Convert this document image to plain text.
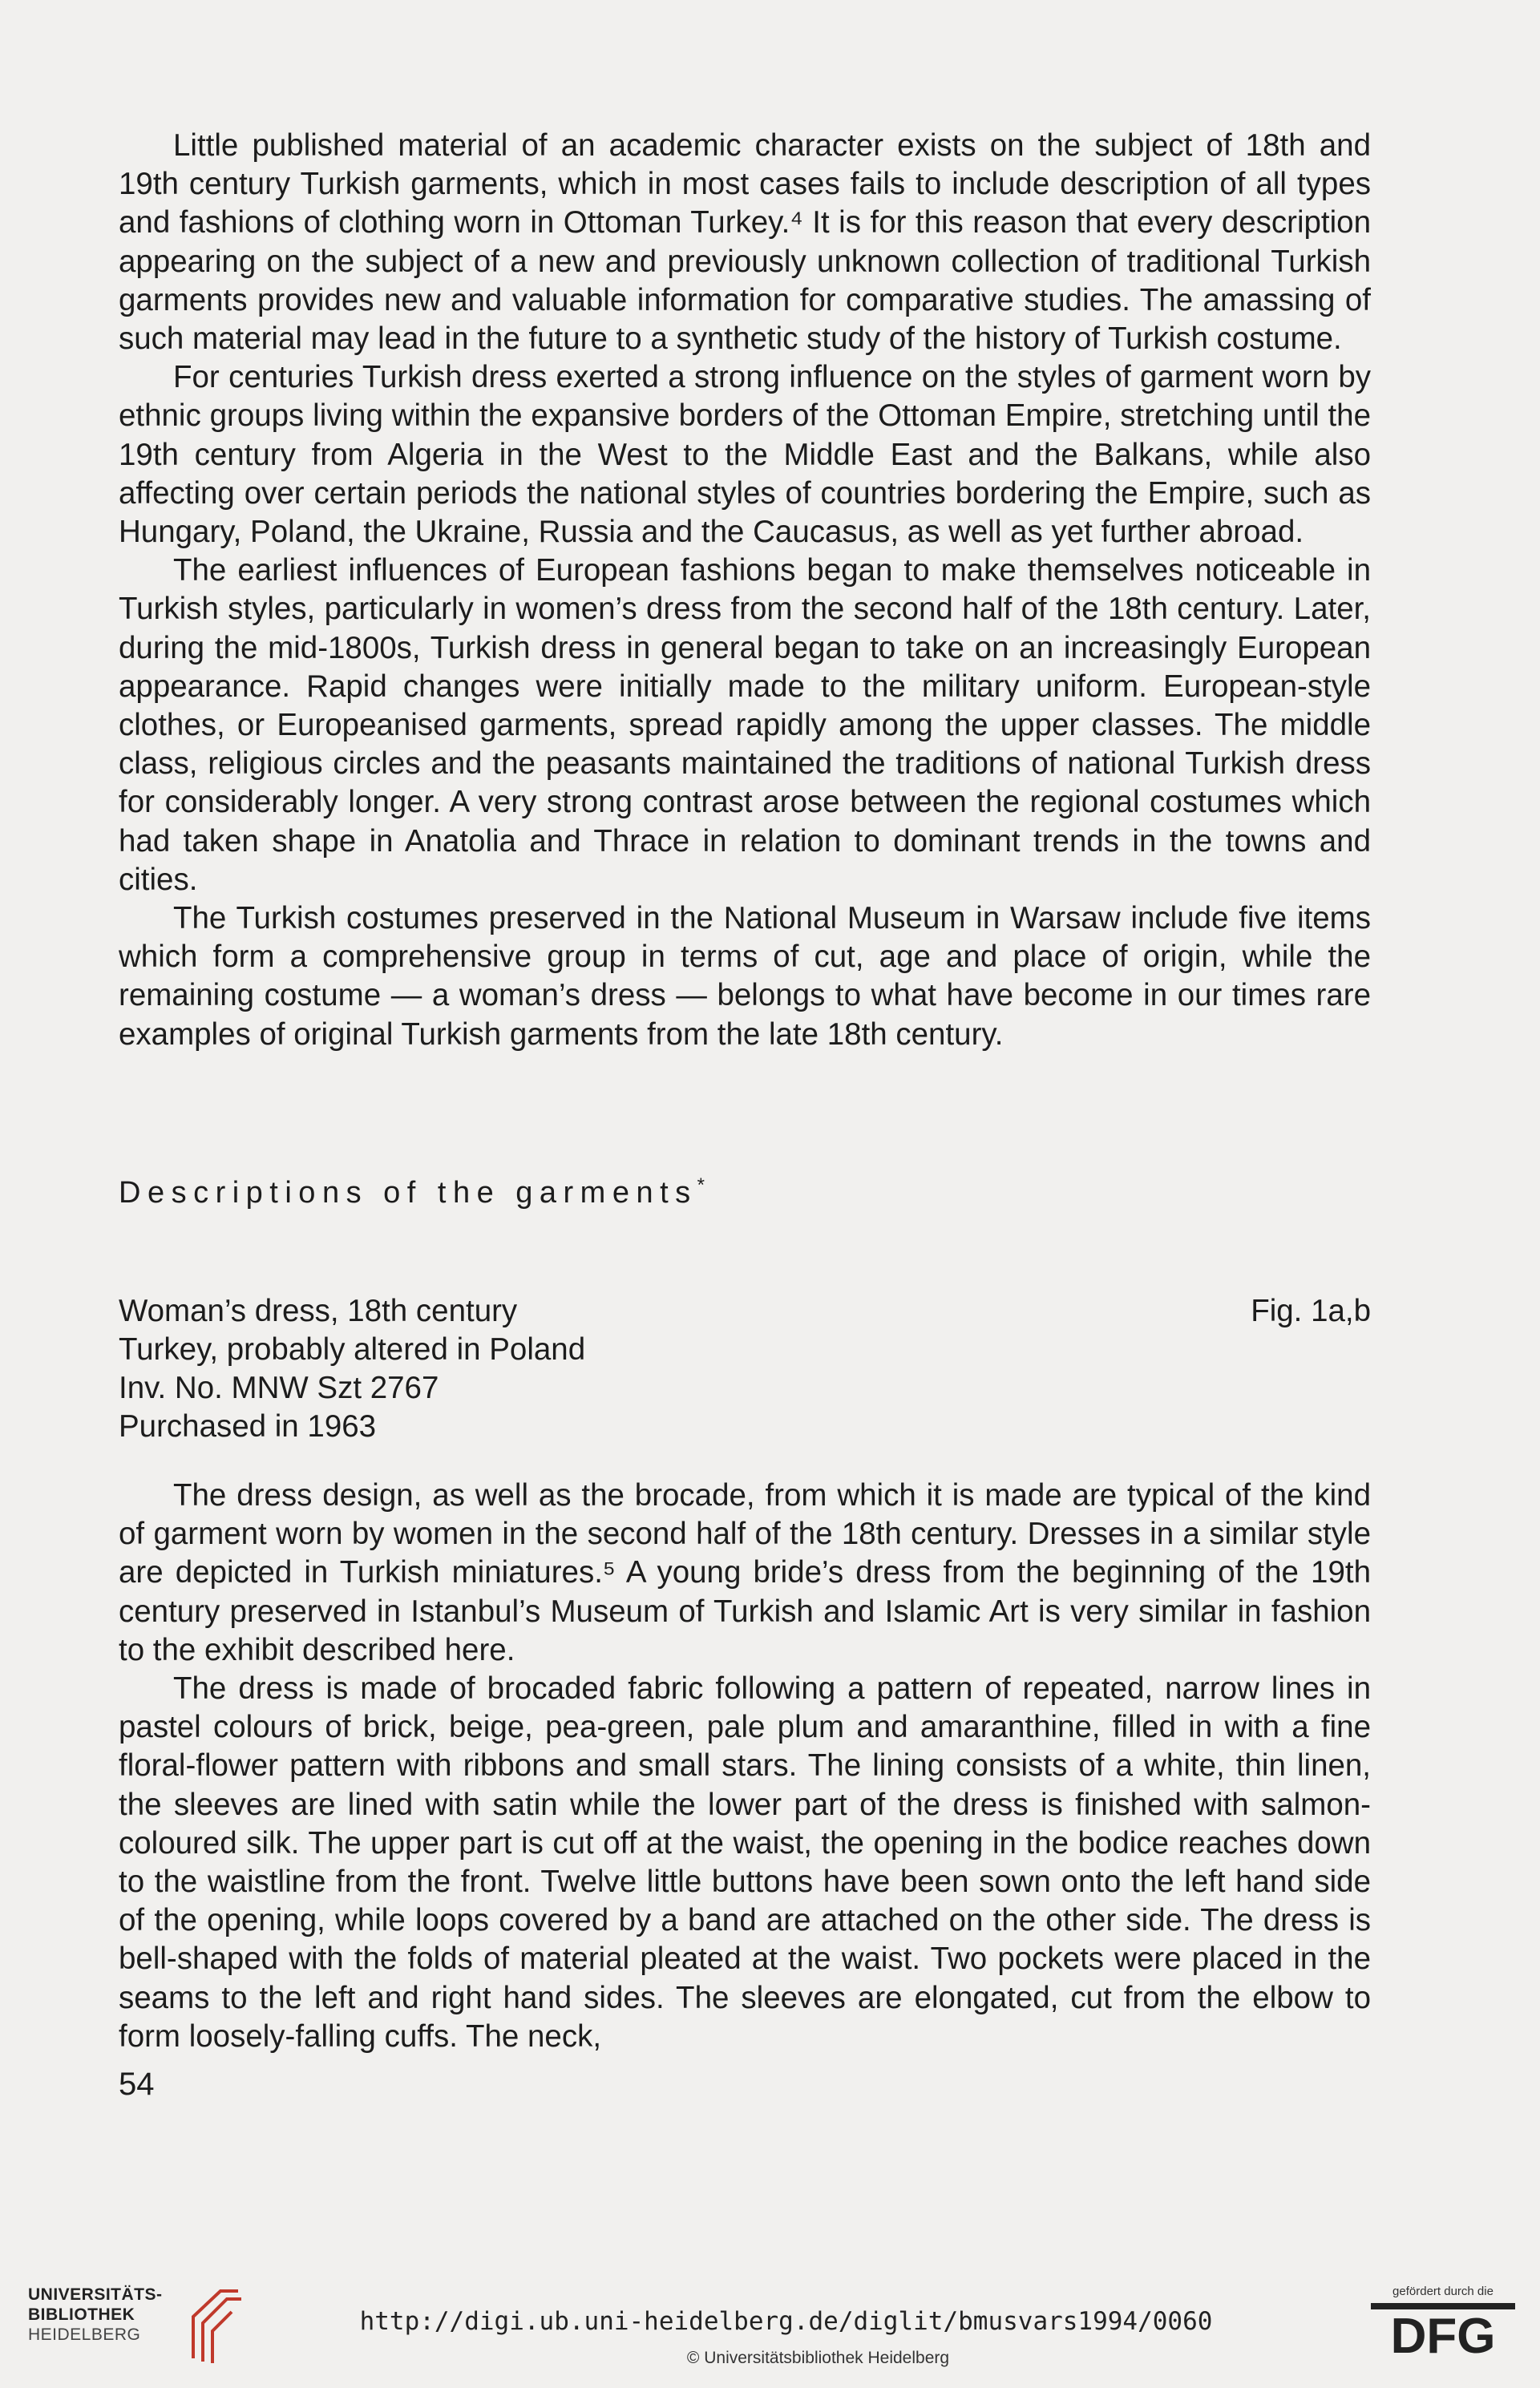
Little published material of an academic character exists on the subject of 18th and 19th century Turkish garments, which in most cases fails to include description of all types and fashions of clothing worn in Ottoman Turkey.⁴ It is for this reason that every description appearing on the subject of a new and previously unknown collection of traditional Turkish garments provides new and valuable information for comparative studies. The amassing of such material may lead in the future to a synthetic study of the history of Turkish costume.

For centuries Turkish dress exerted a strong influence on the styles of garment worn by ethnic groups living within the expansive borders of the Ottoman Empire, stretching until the 19th century from Algeria in the West to the Middle East and the Balkans, while also affecting over certain periods the national styles of countries bordering the Empire, such as Hungary, Poland, the Ukraine, Russia and the Caucasus, as well as yet further abroad.

The earliest influences of European fashions began to make themselves noticeable in Turkish styles, particularly in women’s dress from the second half of the 18th century. Later, during the mid-1800s, Turkish dress in general began to take on an increasingly European appearance. Rapid changes were initially made to the military uniform. European-style clothes, or Europeanised garments, spread rapidly among the upper classes. The middle class, religious circles and the peasants maintained the traditions of national Turkish dress for considerably longer. A very strong contrast arose between the regional costumes which had taken shape in Anatolia and Thrace in relation to dominant trends in the towns and cities.

The Turkish costumes preserved in the National Museum in Warsaw include five items which form a comprehensive group in terms of cut, age and place of origin, while the remaining costume — a woman’s dress — belongs to what have become in our times rare examples of original Turkish garments from the late 18th century.

Descriptions of the garments*
Woman’s dress, 18th century	Fig. 1a,b
Turkey, probably altered in Poland
Inv. No. MNW Szt 2767
Purchased in 1963

The dress design, as well as the brocade, from which it is made are typical of the kind of garment worn by women in the second half of the 18th century. Dresses in a similar style are depicted in Turkish miniatures.⁵ A young bride’s dress from the beginning of the 19th century preserved in Istanbul’s Museum of Turkish and Islamic Art is very similar in fashion to the exhibit described here.

The dress is made of brocaded fabric following a pattern of repeated, narrow lines in pastel colours of brick, beige, pea-green, pale plum and amaranthine, filled in with a fine floral-flower pattern with ribbons and small stars. The lining consists of a white, thin linen, the sleeves are lined with satin while the lower part of the dress is finished with salmon-coloured silk. The upper part is cut off at the waist, the opening in the bodice reaches down to the waistline from the front. Twelve little buttons have been sown onto the left hand side of the opening, while loops covered by a band are attached on the other side. The dress is bell-shaped with the folds of material pleated at the waist. Two pockets were placed in the seams to the left and right hand sides. The sleeves are elongated, cut from the elbow to form loosely-falling cuffs. The neck,

54
UNIVERSITÄTS-
BIBLIOTHEK
HEIDELBERG	http://digi.ub.uni-heidelberg.de/diglit/bmusvars1994/0060
© Universitätsbibliothek Heidelberg
gefördert durch die
DFG
